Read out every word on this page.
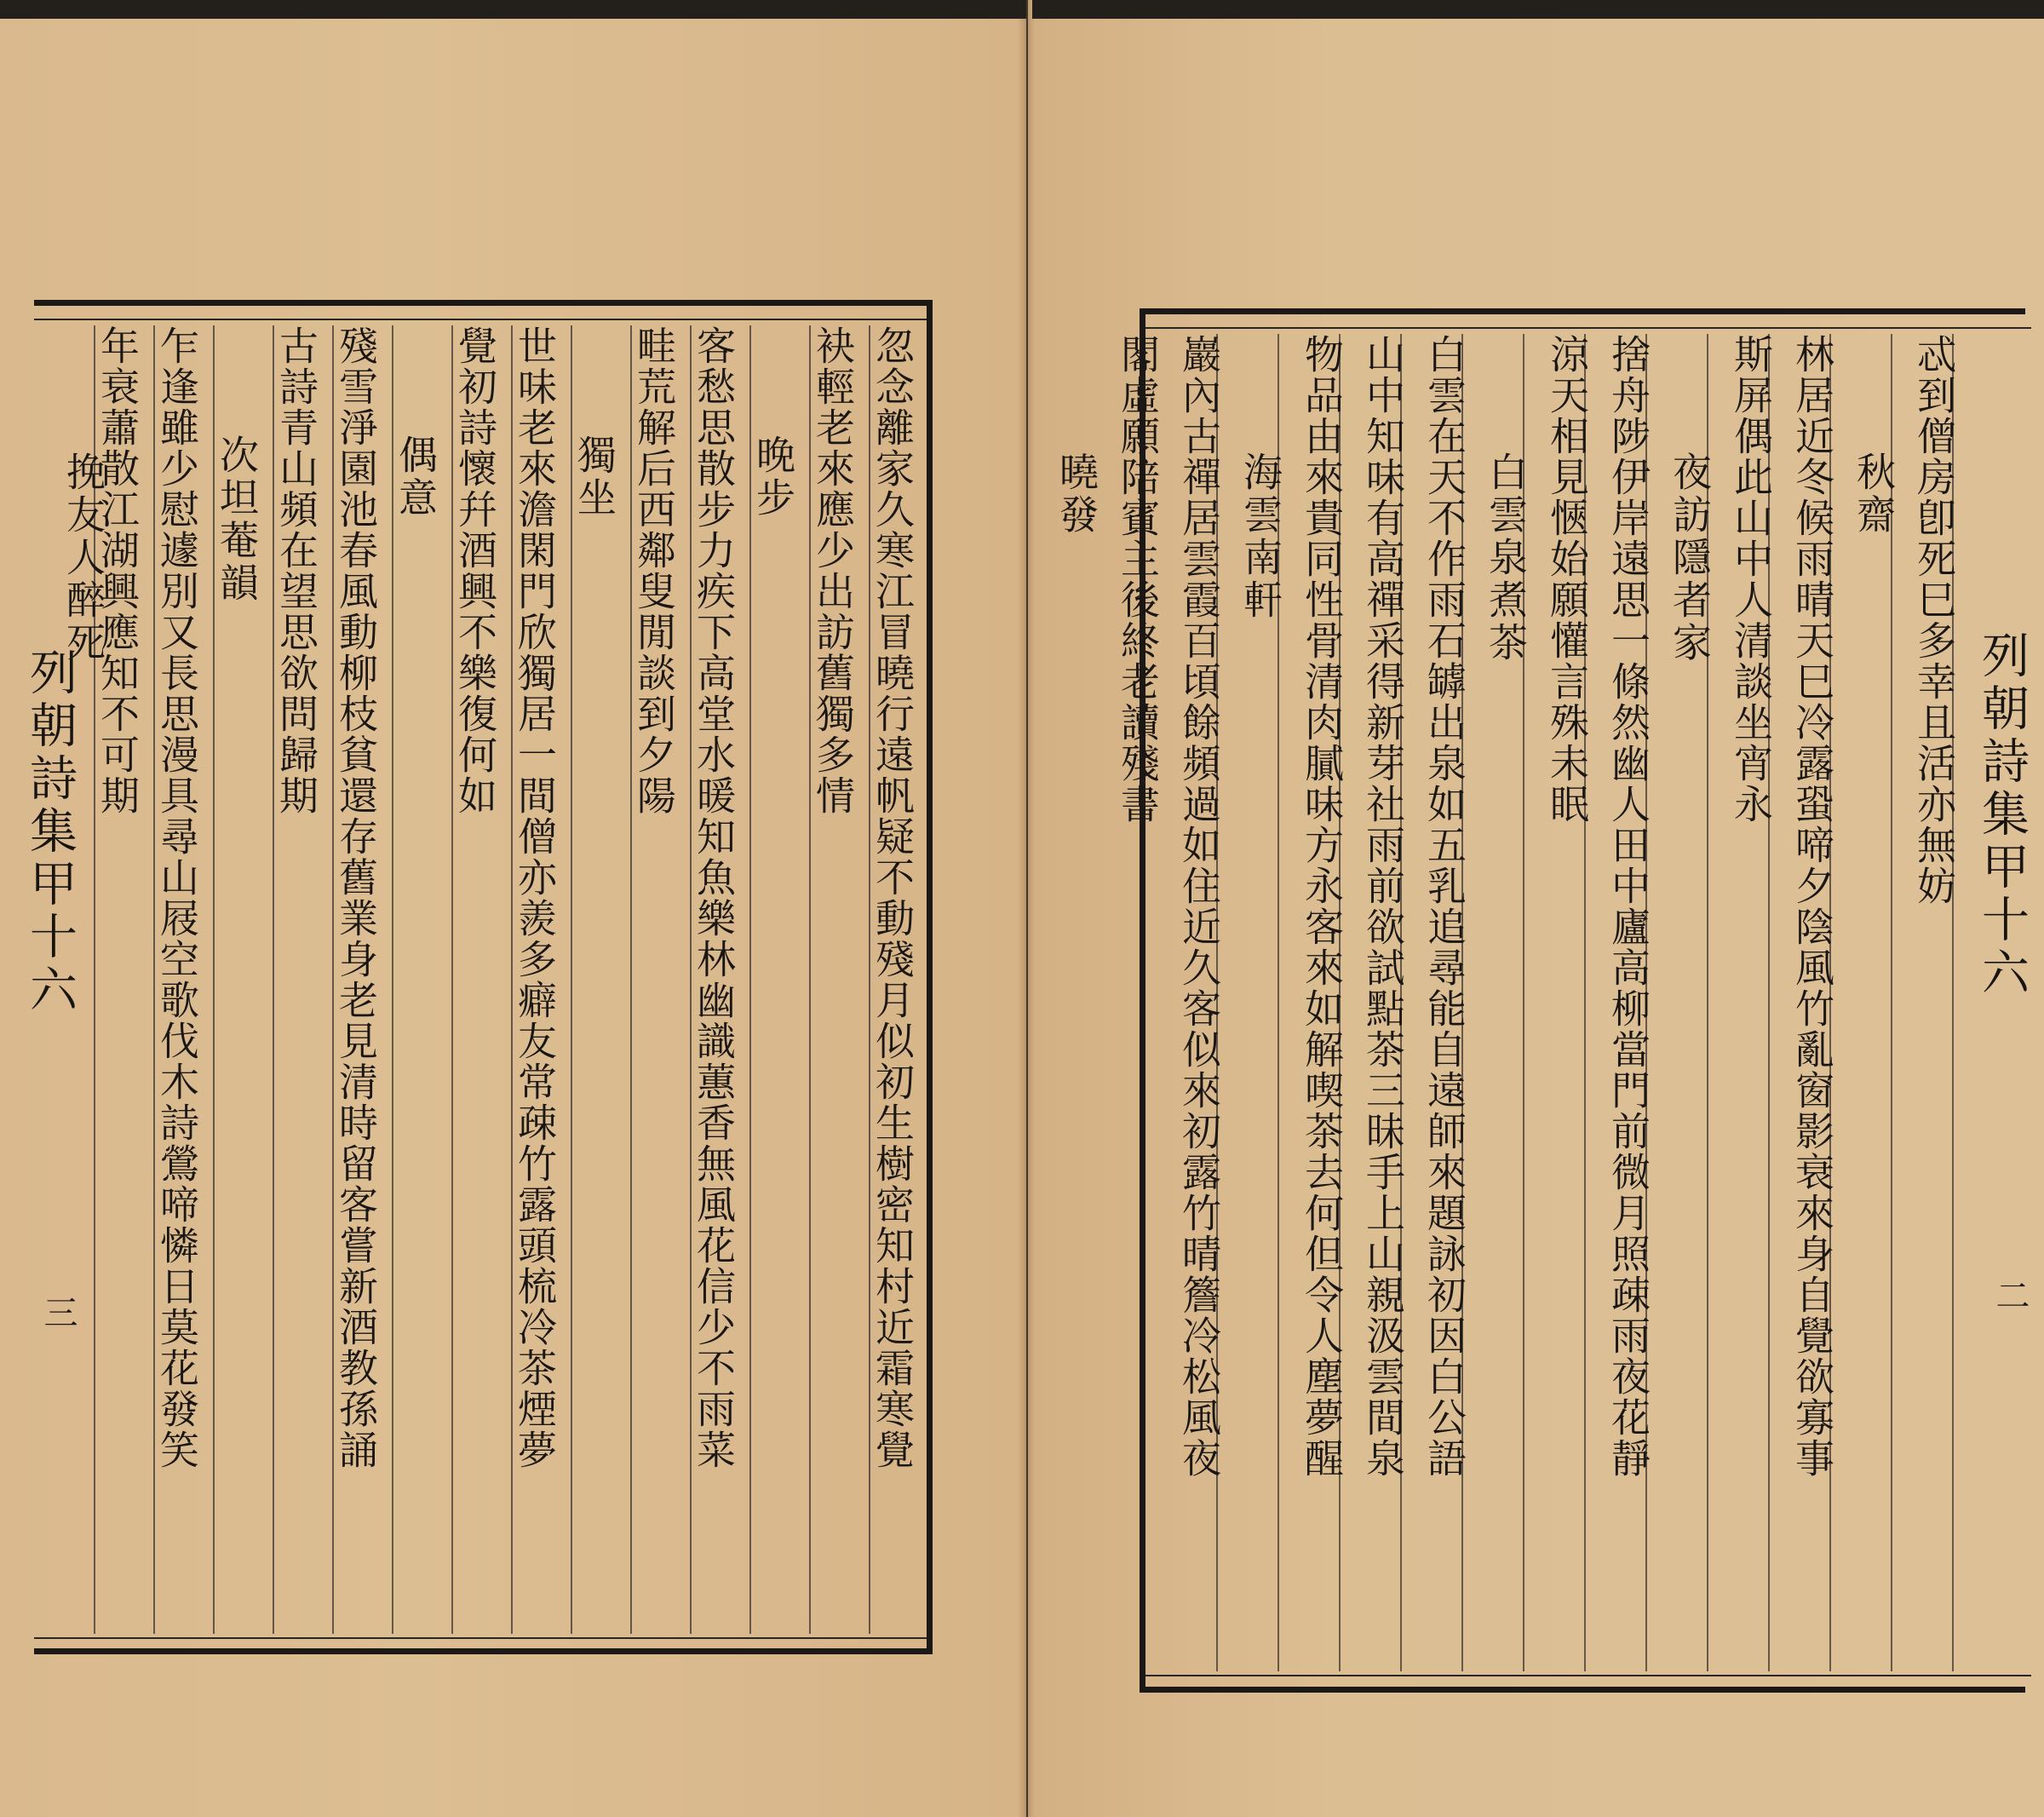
列朝詩集甲十六
二
忒到僧房卽死巳多幸且活亦無妨
秋齋
林居近冬候雨晴天巳冷露蛩啼夕陰風竹亂窗影衰來身自覺欲寡事
斯屏偶此山中人清談坐宵永
夜訪隱者家
捨舟陟伊岸遠思一條然幽人田中廬高柳當門前微月照疎雨夜花靜
涼天相見愜始願懽言殊未眠
白雲泉煮茶
白雲在天不作雨石罅出泉如五乳追尋能自遠師來題詠初因白公語
山中知味有高禪采得新芽社雨前欲試點茶三昧手上山親汲雲間泉
物品由來貴同性骨清肉膩味方永客來如解喫茶去何但令人塵夢醒
海雲南軒
巖內古禪居雲霞百頃餘頻過如住近久客似來初露竹晴簷冷松風夜
閣虛願陪賓主後終老讀殘書
曉發
列朝詩集甲十六
三	忽念離家久寒江冒曉行遠帆疑不動殘月似初生樹密知村近霜寒覺
袂輕老來應少出訪舊獨多情
晚步
客愁思散步力疾下高堂水暖知魚樂林幽識蕙香無風花信少不雨菜
畦荒解后西鄰叟閒談到夕陽
獨坐
世味老來澹閑門欣獨居一間僧亦羨多癖友常疎竹露頭梳冷茶煙夢
覺初詩懷幷酒興不樂復何如
偶意
殘雪淨園池春風動柳枝貧還存舊業身老見清時留客嘗新酒教孫誦
古詩青山頻在望思欲問歸期
次坦菴韻
乍逢雖少慰遽別又長思漫具尋山屐空歌伐木詩鶯啼憐日莫花發笑
年衰蕭散江湖興應知不可期
挽友人醉死
